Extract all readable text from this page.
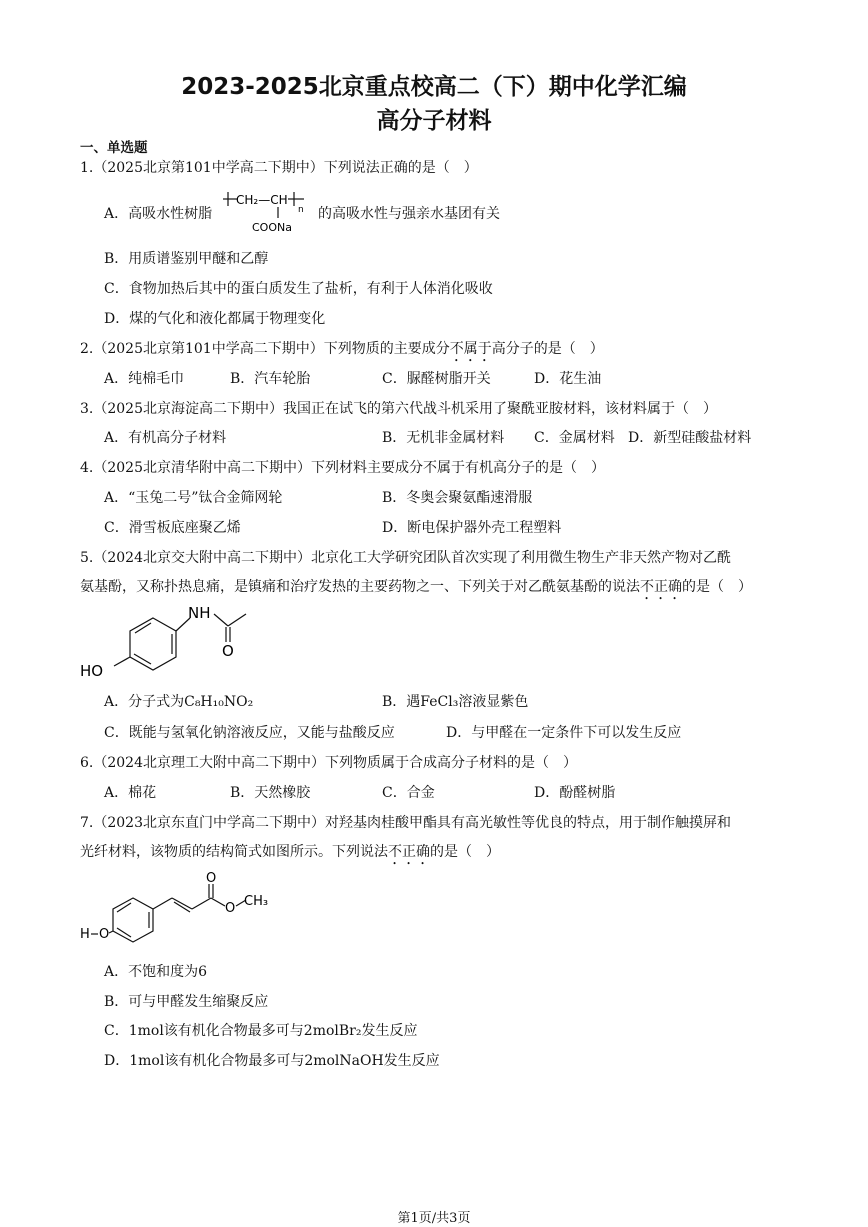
2023-2025北京重点校高二（下）期中化学汇编
高分子材料
一、单选题
1.（2025北京第101中学高二下期中）下列说法正确的是（　）
A．高吸水性树脂
CH₂—CH
n
COONa
的高吸水性与强亲水基团有关
B．用质谱鉴别甲醚和乙醇
C．食物加热后其中的蛋白质发生了盐析，有利于人体消化吸收
D．煤的气化和液化都属于物理变化
2.（2025北京第101中学高二下期中）下列物质的主要成分不属于高分子的是（　）
A．纯棉毛巾	B．汽车轮胎	C．脲醛树脂开关	D．花生油
3.（2025北京海淀高二下期中）我国正在试飞的第六代战斗机采用了聚酰亚胺材料，该材料属于（　）
A．有机高分子材料	B．无机非金属材料 C．金属材料 D．新型硅酸盐材料
4.（2025北京清华附中高二下期中）下列材料主要成分不属于有机高分子的是（　）
A．“玉兔二号”钛合金筛网轮	B．冬奥会聚氨酯速滑服
C．滑雪板底座聚乙烯	D．断电保护器外壳工程塑料
5.（2024北京交大附中高二下期中）北京化工大学研究团队首次实现了利用微生物生产非天然产物对乙酰
氨基酚，又称扑热息痛，是镇痛和治疗发热的主要药物之一、下列关于对乙酰氨基酚的说法不正确的是（　）
NH
O
HO
A．分子式为C₈H₁₀NO₂	B．遇FeCl₃溶液显紫色
C．既能与氢氧化钠溶液反应，又能与盐酸反应	D．与甲醛在一定条件下可以发生反应
6.（2024北京理工大附中高二下期中）下列物质属于合成高分子材料的是（　）
A．棉花	B．天然橡胶	C．合金	D．酚醛树脂
7.（2023北京东直门中学高二下期中）对羟基肉桂酸甲酯具有高光敏性等优良的特点，用于制作触摸屏和
光纤材料，该物质的结构简式如图所示。下列说法不正确的是（　）
H O
O
O CH₃
A．不饱和度为6
B．可与甲醛发生缩聚反应
C．1mol该有机化合物最多可与2molBr₂发生反应
D．1mol该有机化合物最多可与2molNaOH发生反应
第1页/共3页
